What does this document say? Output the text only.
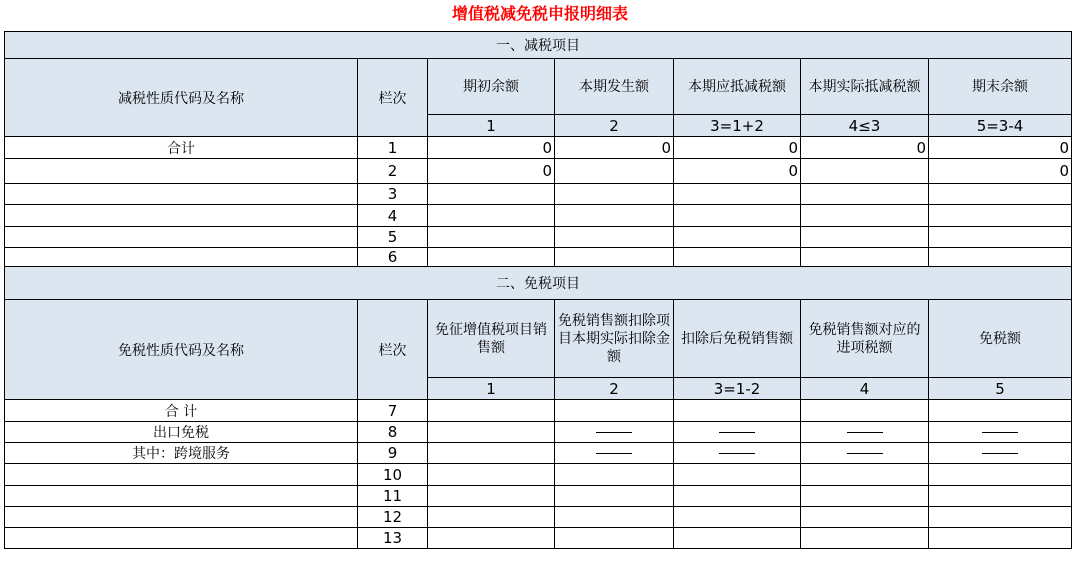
增值税减免税申报明细表
一、减税项目						
减税性质代码及名称	栏次	期初余额	本期发生额	本期应抵减税额	本期实际抵减税额	期末余额
		1	2	3=1+2	4≤3	5=3-4
合计	1	0	0	0	0	0
	2	0		0		0
	3					
	4					
	5					
	6					
二、免税项目						
免税性质代码及名称	栏次	免征增值税项目销售额	免税销售额扣除项目本期实际扣除金额	扣除后免税销售额	免税销售额对应的进项税额	免税额
		1	2	3=1-2	4	5
合 计	7					
出口免税	8					
其中：跨境服务	9					
	10					
	11					
	12					
	13					
